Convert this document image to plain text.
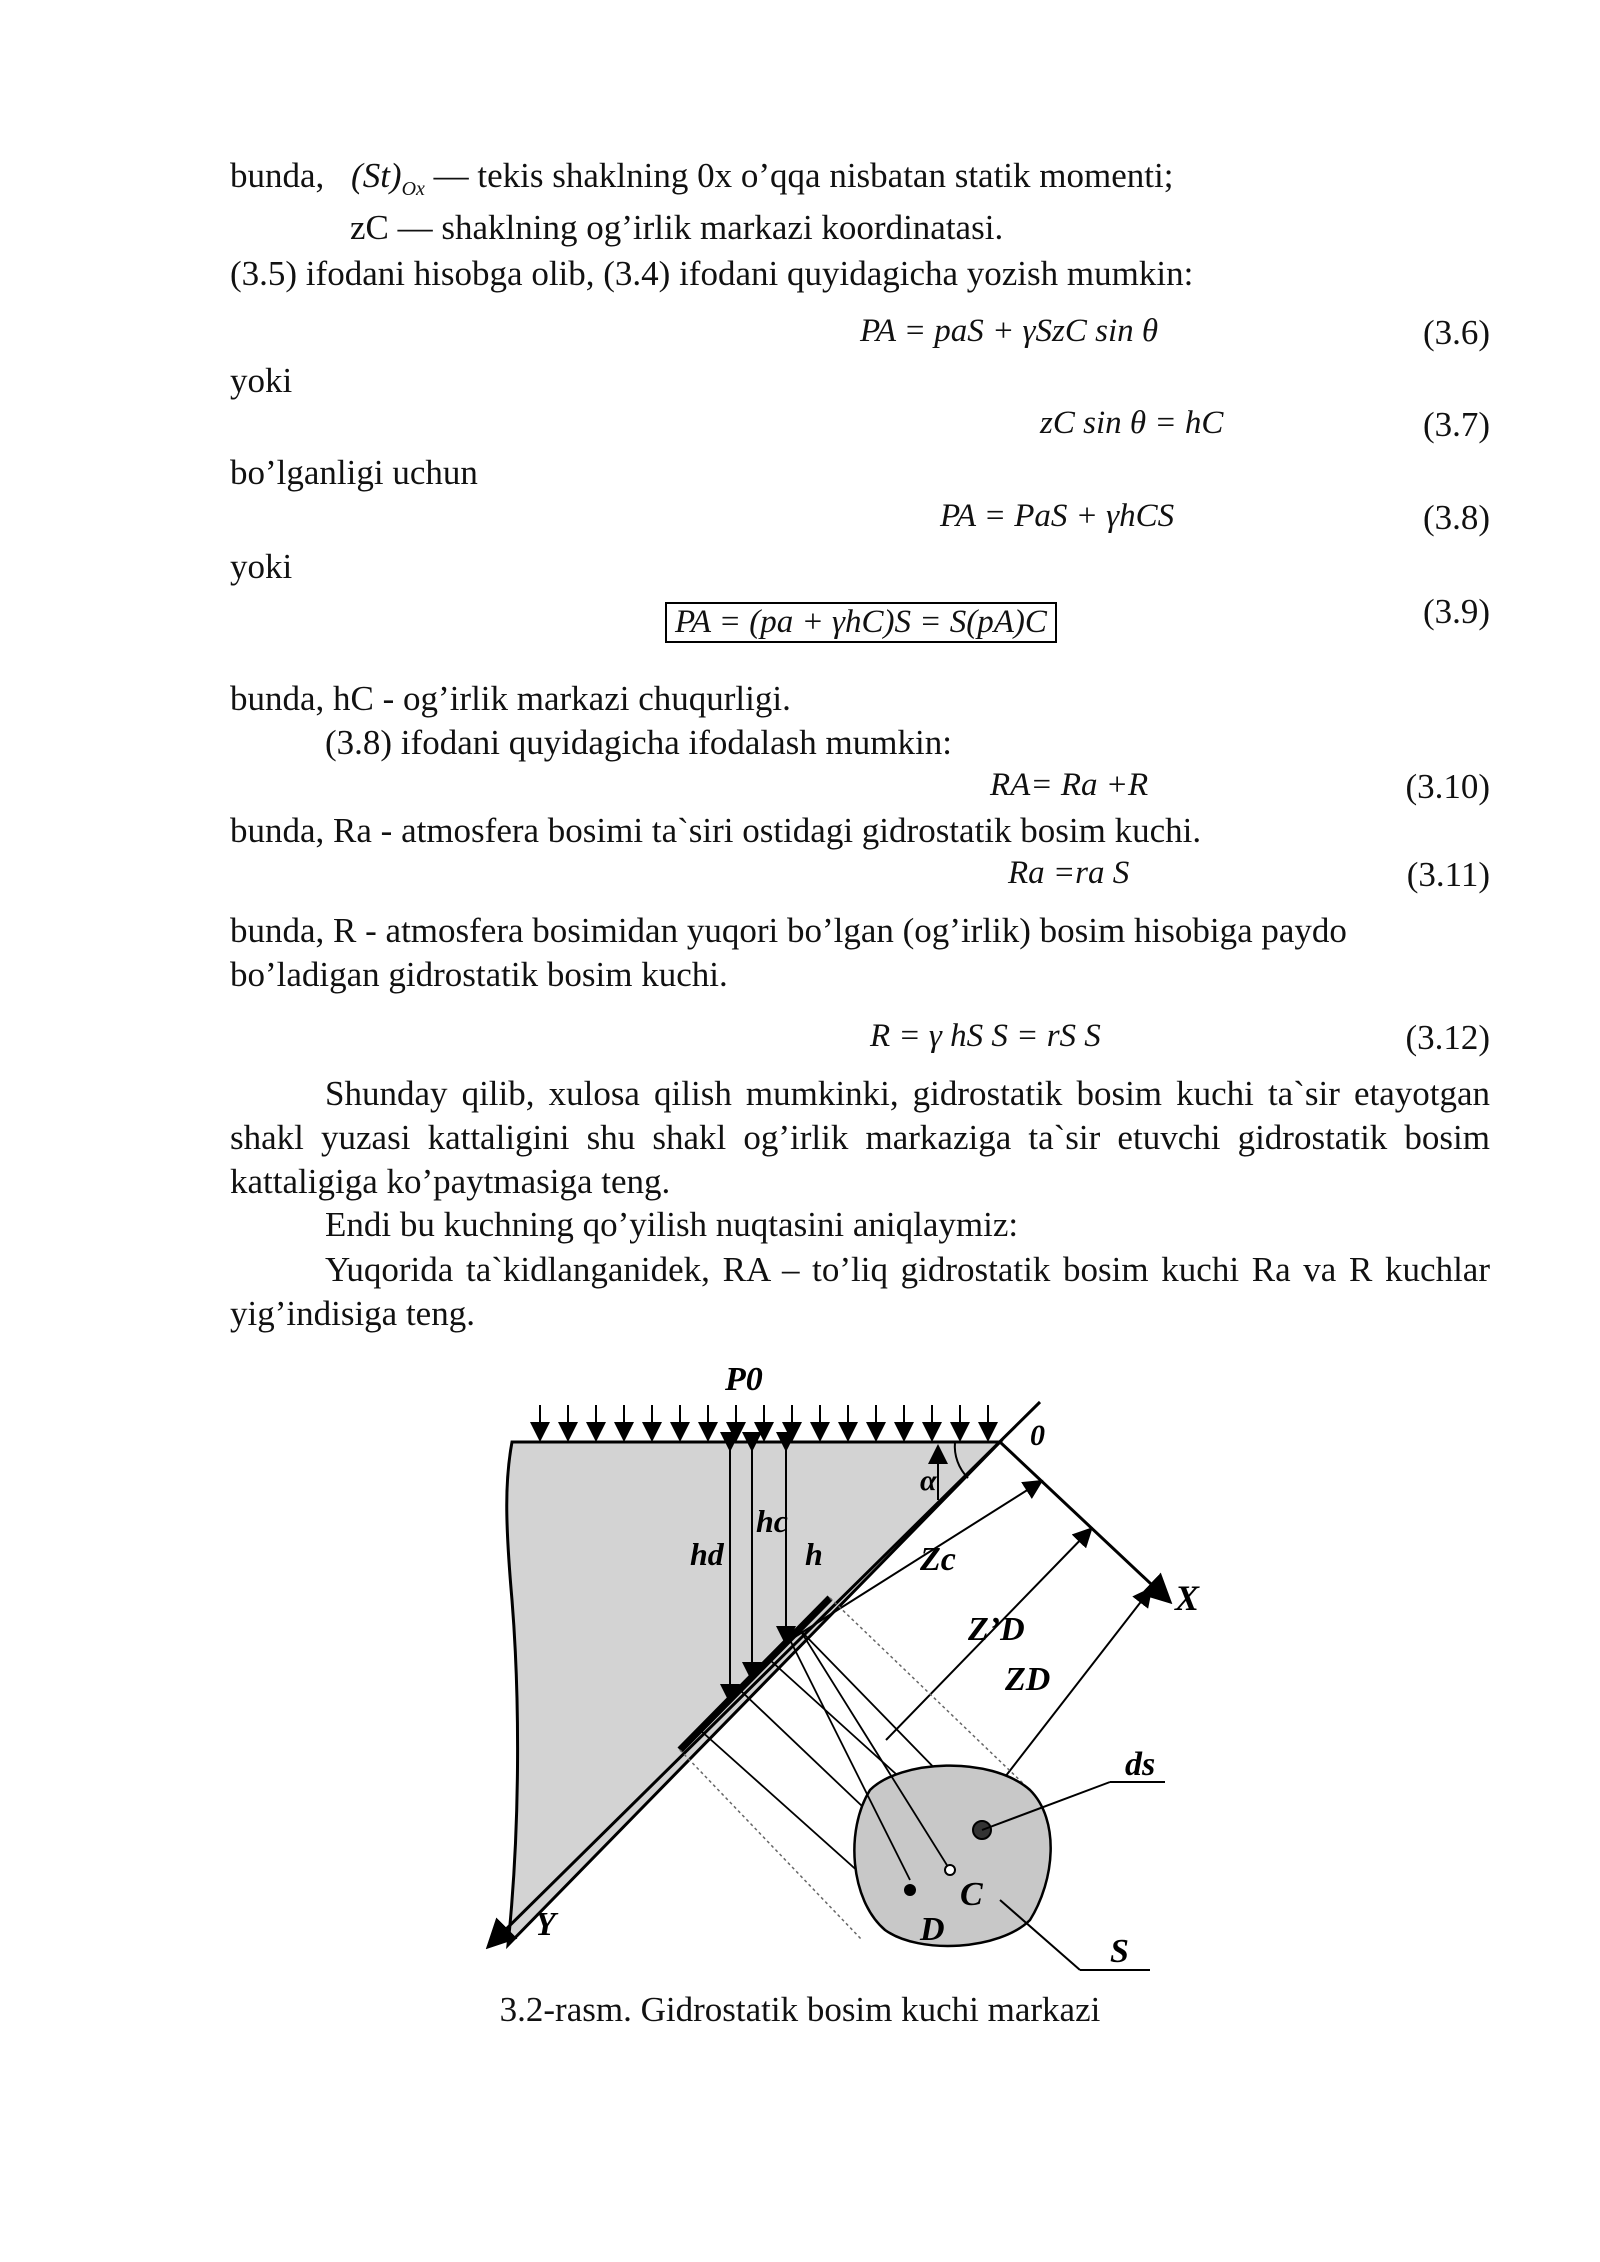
bunda, $(St)_{Ox}$ — tekis shaklning 0x o’qqa nisbatan statik momenti;
zC — shaklning og’irlik markazi koordinatasi.
(3.5) ifodani hisobga olib, (3.4) ifodani quyidagicha yozish mumkin:
PA = paS + γSzC sin θ	(3.6)
yoki
zC sin θ = hC	(3.7)
bo’lganligi uchun
PA = PaS + γhCS	(3.8)
yoki
PA = (pa + γhC)S = S(pA)C	(3.9)
bunda, hC - og’irlik markazi chuqurligi.
(3.8) ifodani quyidagicha ifodalash mumkin:
RA= Ra +R	(3.10)
bunda, Ra - atmosfera bosimi ta`siri ostidagi gidrostatik bosim kuchi.
Ra =ra S	(3.11)
bunda, R - atmosfera bosimidan yuqori bo’lgan (og’irlik) bosim hisobiga paydo
bo’ladigan gidrostatik bosim kuchi.
R = γ hS S = rS S	(3.12)
Shunday qilib, xulosa qilish mumkinki, gidrostatik bosim kuchi ta`sir etayotgan shakl yuzasi kattaligini shu shakl og’irlik markaziga ta`sir etuvchi gidrostatik bosim kattaligiga ko’paytmasiga teng.
Endi bu kuchning qo’yilish nuqtasini aniqlaymiz:
Yuqorida ta`kidlanganidek, RA – to’liq gidrostatik bosim kuchi Ra va R kuchlar yig’indisiga teng.
P0
0
α
hd
hc
h	Zc
Z’D
ZD
X
Y
ds
C
D
S
3.2-rasm. Gidrostatik bosim kuchi markazi
